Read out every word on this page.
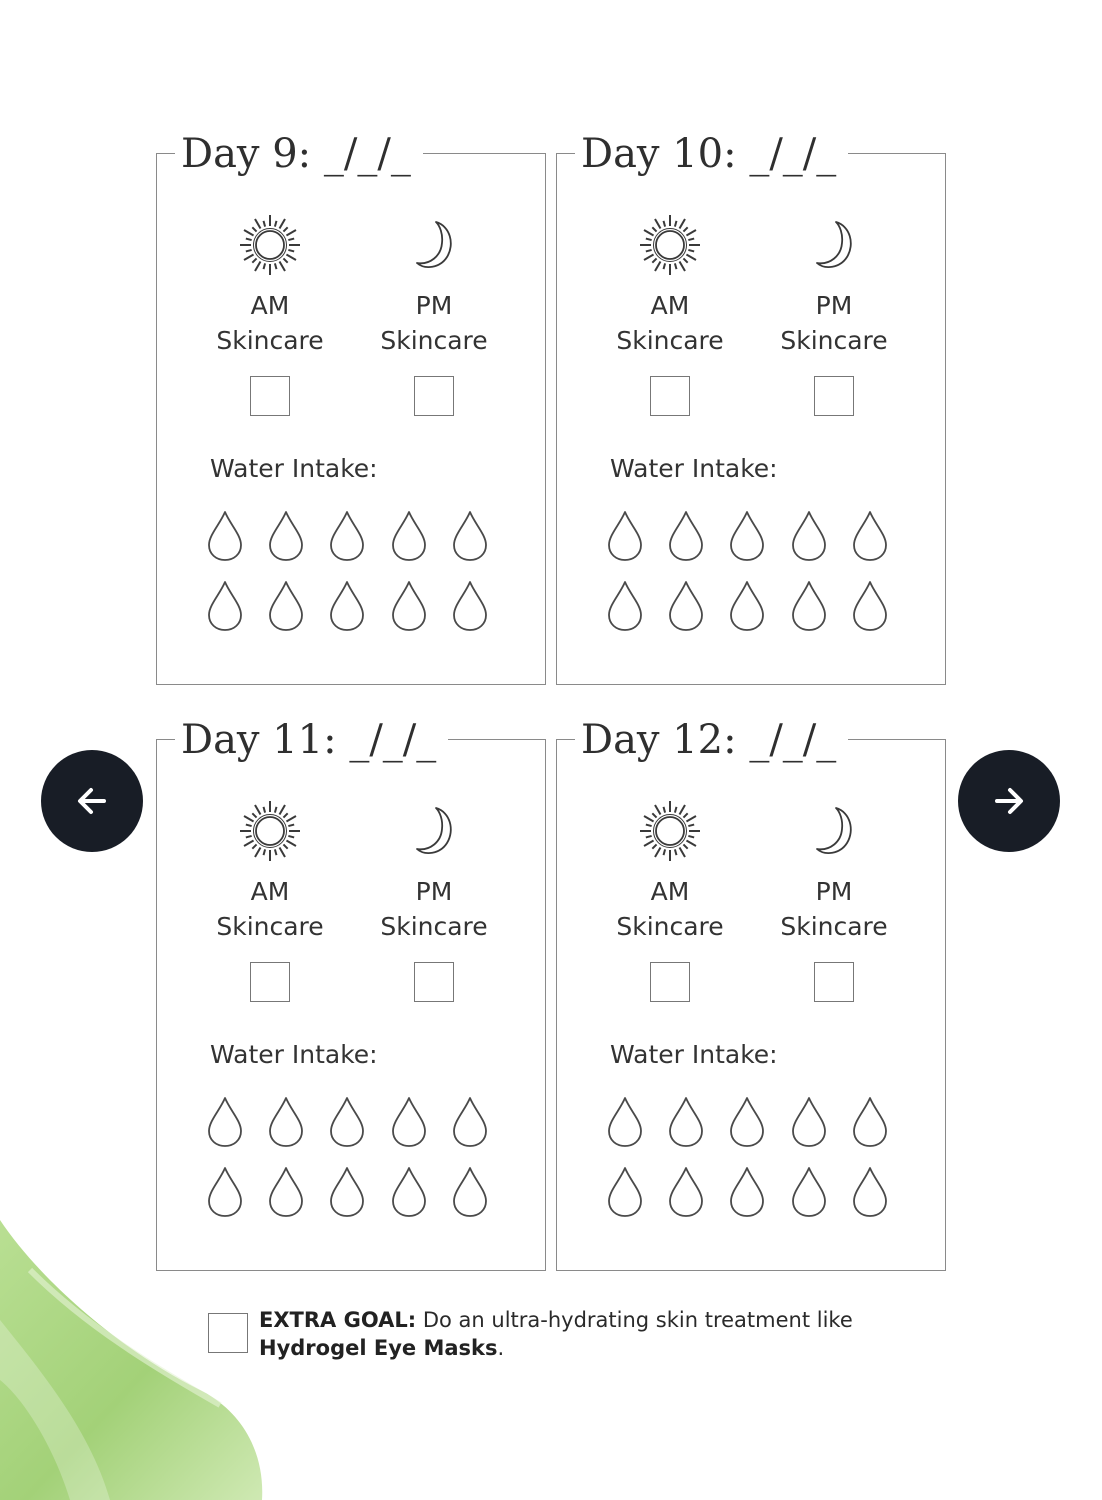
Day 9: _/_/_
AM
Skincare
PM
Skincare
Water Intake:
Day 10: _/_/_
AM
Skincare
PM
Skincare
Water Intake:
Day 11: _/_/_
AM
Skincare
PM
Skincare
Water Intake:
Day 12: _/_/_
AM
Skincare
PM
Skincare
Water Intake:
EXTRA GOAL: Do an ultra-hydrating skin treatment like Hydrogel Eye Masks.
